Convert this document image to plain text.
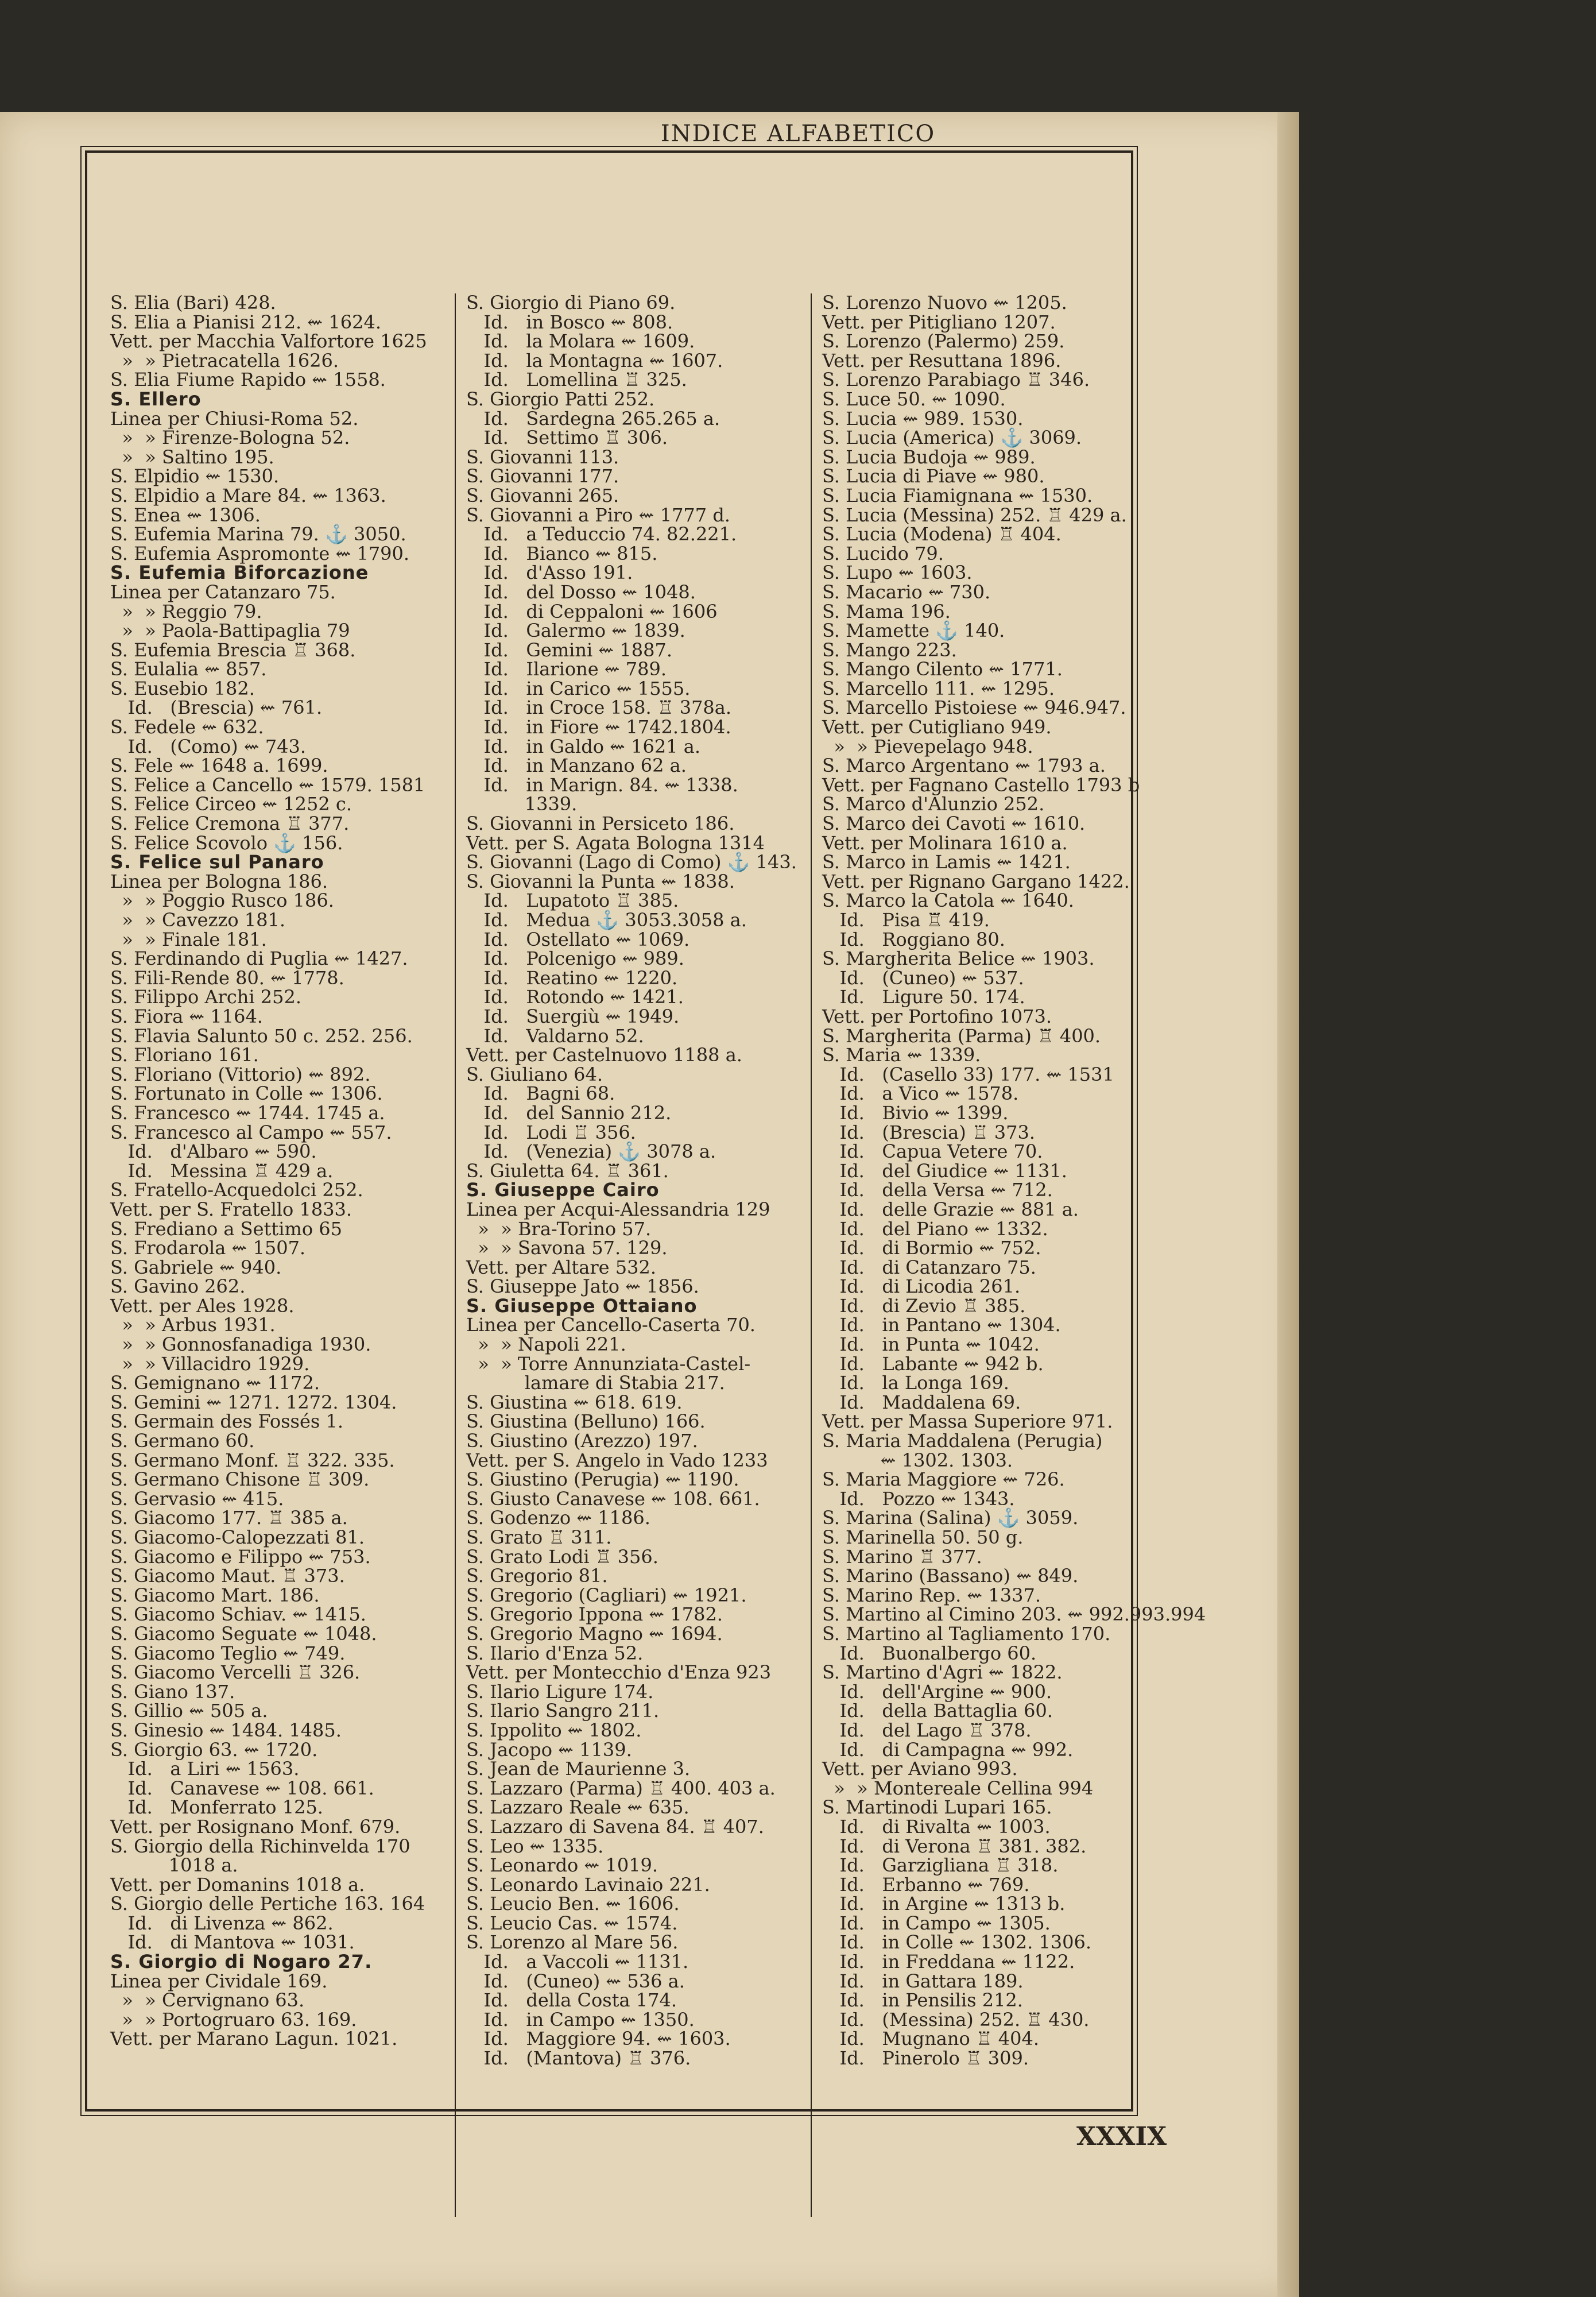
INDICE ALFABETICO
S. Elia (Bari) 428.
S. Elia a Pianisi 212. ⇜ 1624.
Vett. per Macchia Valfortore 1625
»  » Pietracatella 1626.
S. Elia Fiume Rapido ⇜ 1558.
S. Ellero
Linea per Chiusi-Roma 52.
»  » Firenze-Bologna 52.
»  » Saltino 195.
S. Elpidio ⇜ 1530.
S. Elpidio a Mare 84. ⇜ 1363.
S. Enea ⇜ 1306.
S. Eufemia Marina 79. ⚓ 3050.
S. Eufemia Aspromonte ⇜ 1790.
S. Eufemia Biforcazione
Linea per Catanzaro 75.
»  » Reggio 79.
»  » Paola-Battipaglia 79
S. Eufemia Brescia ♖ 368.
S. Eulalia ⇜ 857.
S. Eusebio 182.
Id.   (Brescia) ⇜ 761.
S. Fedele ⇜ 632.
Id.   (Como) ⇜ 743.
S. Fele ⇜ 1648 a. 1699.
S. Felice a Cancello ⇜ 1579. 1581
S. Felice Circeo ⇜ 1252 c.
S. Felice Cremona ♖ 377.
S. Felice Scovolo ⚓ 156.
S. Felice sul Panaro
Linea per Bologna 186.
»  » Poggio Rusco 186.
»  » Cavezzo 181.
»  » Finale 181.
S. Ferdinando di Puglia ⇜ 1427.
S. Fili-Rende 80. ⇜ 1778.
S. Filippo Archi 252.
S. Fiora ⇜ 1164.
S. Flavia Salunto 50 c. 252. 256.
S. Floriano 161.
S. Floriano (Vittorio) ⇜ 892.
S. Fortunato in Colle ⇜ 1306.
S. Francesco ⇜ 1744. 1745 a.
S. Francesco al Campo ⇜ 557.
Id.   d'Albaro ⇜ 590.
Id.   Messina ♖ 429 a.
S. Fratello-Acquedolci 252.
Vett. per S. Fratello 1833.
S. Frediano a Settimo 65
S. Frodarola ⇜ 1507.
S. Gabriele ⇜ 940.
S. Gavino 262.
Vett. per Ales 1928.
»  » Arbus 1931.
»  » Gonnosfanadiga 1930.
»  » Villacidro 1929.
S. Gemignano ⇜ 1172.
S. Gemini ⇜ 1271. 1272. 1304.
S. Germain des Fossés 1.
S. Germano 60.
S. Germano Monf. ♖ 322. 335.
S. Germano Chisone ♖ 309.
S. Gervasio ⇜ 415.
S. Giacomo 177. ♖ 385 a.
S. Giacomo-Calopezzati 81.
S. Giacomo e Filippo ⇜ 753.
S. Giacomo Maut. ♖ 373.
S. Giacomo Mart. 186.
S. Giacomo Schiav. ⇜ 1415.
S. Giacomo Seguate ⇜ 1048.
S. Giacomo Teglio ⇜ 749.
S. Giacomo Vercelli ♖ 326.
S. Giano 137.
S. Gillio ⇜ 505 a.
S. Ginesio ⇜ 1484. 1485.
S. Giorgio 63. ⇜ 1720.
Id.   a Liri ⇜ 1563.
Id.   Canavese ⇜ 108. 661.
Id.   Monferrato 125.
Vett. per Rosignano Monf. 679.
S. Giorgio della Richinvelda 170
1018 a.
Vett. per Domanins 1018 a.
S. Giorgio delle Pertiche 163. 164
Id.   di Livenza ⇜ 862.
Id.   di Mantova ⇜ 1031.
S. Giorgio di Nogaro 27.
Linea per Cividale 169.
»  » Cervignano 63.
»  » Portogruaro 63. 169.
Vett. per Marano Lagun. 1021.
S. Giorgio di Piano 69.
Id.   in Bosco ⇜ 808.
Id.   la Molara ⇜ 1609.
Id.   la Montagna ⇜ 1607.
Id.   Lomellina ♖ 325.
S. Giorgio Patti 252.
Id.   Sardegna 265.265 a.
Id.   Settimo ♖ 306.
S. Giovanni 113.
S. Giovanni 177.
S. Giovanni 265.
S. Giovanni a Piro ⇜ 1777 d.
Id.   a Teduccio 74. 82.221.
Id.   Bianco ⇜ 815.
Id.   d'Asso 191.
Id.   del Dosso ⇜ 1048.
Id.   di Ceppaloni ⇜ 1606
Id.   Galermo ⇜ 1839.
Id.   Gemini ⇜ 1887.
Id.   Ilarione ⇜ 789.
Id.   in Carico ⇜ 1555.
Id.   in Croce 158. ♖ 378a.
Id.   in Fiore ⇜ 1742.1804.
Id.   in Galdo ⇜ 1621 a.
Id.   in Manzano 62 a.
Id.   in Marign. 84. ⇜ 1338.
1339.
S. Giovanni in Persiceto 186.
Vett. per S. Agata Bologna 1314
S. Giovanni (Lago di Como) ⚓ 143.
S. Giovanni la Punta ⇜ 1838.
Id.   Lupatoto ♖ 385.
Id.   Medua ⚓ 3053.3058 a.
Id.   Ostellato ⇜ 1069.
Id.   Polcenigo ⇜ 989.
Id.   Reatino ⇜ 1220.
Id.   Rotondo ⇜ 1421.
Id.   Suergiù ⇜ 1949.
Id.   Valdarno 52.
Vett. per Castelnuovo 1188 a.
S. Giuliano 64.
Id.   Bagni 68.
Id.   del Sannio 212.
Id.   Lodi ♖ 356.
Id.   (Venezia) ⚓ 3078 a.
S. Giuletta 64. ♖ 361.
S. Giuseppe Cairo
Linea per Acqui-Alessandria 129
»  » Bra-Torino 57.
»  » Savona 57. 129.
Vett. per Altare 532.
S. Giuseppe Jato ⇜ 1856.
S. Giuseppe Ottaiano
Linea per Cancello-Caserta 70.
»  » Napoli 221.
»  » Torre Annunziata-Castel-
lamare di Stabia 217.
S. Giustina ⇜ 618. 619.
S. Giustina (Belluno) 166.
S. Giustino (Arezzo) 197.
Vett. per S. Angelo in Vado 1233
S. Giustino (Perugia) ⇜ 1190.
S. Giusto Canavese ⇜ 108. 661.
S. Godenzo ⇜ 1186.
S. Grato ♖ 311.
S. Grato Lodi ♖ 356.
S. Gregorio 81.
S. Gregorio (Cagliari) ⇜ 1921.
S. Gregorio Ippona ⇜ 1782.
S. Gregorio Magno ⇜ 1694.
S. Ilario d'Enza 52.
Vett. per Montecchio d'Enza 923
S. Ilario Ligure 174.
S. Ilario Sangro 211.
S. Ippolito ⇜ 1802.
S. Jacopo ⇜ 1139.
S. Jean de Maurienne 3.
S. Lazzaro (Parma) ♖ 400. 403 a.
S. Lazzaro Reale ⇜ 635.
S. Lazzaro di Savena 84. ♖ 407.
S. Leo ⇜ 1335.
S. Leonardo ⇜ 1019.
S. Leonardo Lavinaio 221.
S. Leucio Ben. ⇜ 1606.
S. Leucio Cas. ⇜ 1574.
S. Lorenzo al Mare 56.
Id.   a Vaccoli ⇜ 1131.
Id.   (Cuneo) ⇜ 536 a.
Id.   della Costa 174.
Id.   in Campo ⇜ 1350.
Id.   Maggiore 94. ⇜ 1603.
Id.   (Mantova) ♖ 376.
S. Lorenzo Nuovo ⇜ 1205.
Vett. per Pitigliano 1207.
S. Lorenzo (Palermo) 259.
Vett. per Resuttana 1896.
S. Lorenzo Parabiago ♖ 346.
S. Luce 50. ⇜ 1090.
S. Lucia ⇜ 989. 1530.
S. Lucia (America) ⚓ 3069.
S. Lucia Budoja ⇜ 989.
S. Lucia di Piave ⇜ 980.
S. Lucia Fiamignana ⇜ 1530.
S. Lucia (Messina) 252. ♖ 429 a.
S. Lucia (Modena) ♖ 404.
S. Lucido 79.
S. Lupo ⇜ 1603.
S. Macario ⇜ 730.
S. Mama 196.
S. Mamette ⚓ 140.
S. Mango 223.
S. Mango Cilento ⇜ 1771.
S. Marcello 111. ⇜ 1295.
S. Marcello Pistoiese ⇜ 946.947.
Vett. per Cutigliano 949.
»  » Pievepelago 948.
S. Marco Argentano ⇜ 1793 a.
Vett. per Fagnano Castello 1793 b
S. Marco d'Alunzio 252.
S. Marco dei Cavoti ⇜ 1610.
Vett. per Molinara 1610 a.
S. Marco in Lamis ⇜ 1421.
Vett. per Rignano Gargano 1422.
S. Marco la Catola ⇜ 1640.
Id.   Pisa ♖ 419.
Id.   Roggiano 80.
S. Margherita Belice ⇜ 1903.
Id.   (Cuneo) ⇜ 537.
Id.   Ligure 50. 174.
Vett. per Portofino 1073.
S. Margherita (Parma) ♖ 400.
S. Maria ⇜ 1339.
Id.   (Casello 33) 177. ⇜ 1531
Id.   a Vico ⇜ 1578.
Id.   Bivio ⇜ 1399.
Id.   (Brescia) ♖ 373.
Id.   Capua Vetere 70.
Id.   del Giudice ⇜ 1131.
Id.   della Versa ⇜ 712.
Id.   delle Grazie ⇜ 881 a.
Id.   del Piano ⇜ 1332.
Id.   di Bormio ⇜ 752.
Id.   di Catanzaro 75.
Id.   di Licodia 261.
Id.   di Zevio ♖ 385.
Id.   in Pantano ⇜ 1304.
Id.   in Punta ⇜ 1042.
Id.   Labante ⇜ 942 b.
Id.   la Longa 169.
Id.   Maddalena 69.
Vett. per Massa Superiore 971.
S. Maria Maddalena (Perugia)
⇜ 1302. 1303.
S. Maria Maggiore ⇜ 726.
Id.   Pozzo ⇜ 1343.
S. Marina (Salina) ⚓ 3059.
S. Marinella 50. 50 g.
S. Marino ♖ 377.
S. Marino (Bassano) ⇜ 849.
S. Marino Rep. ⇜ 1337.
S. Martino al Cimino 203. ⇜ 992.993.994
S. Martino al Tagliamento 170.
Id.   Buonalbergo 60.
S. Martino d'Agri ⇜ 1822.
Id.   dell'Argine ⇜ 900.
Id.   della Battaglia 60.
Id.   del Lago ♖ 378.
Id.   di Campagna ⇜ 992.
Vett. per Aviano 993.
»  » Montereale Cellina 994
S. Martinodi Lupari 165.
Id.   di Rivalta ⇜ 1003.
Id.   di Verona ♖ 381. 382.
Id.   Garzigliana ♖ 318.
Id.   Erbanno ⇜ 769.
Id.   in Argine ⇜ 1313 b.
Id.   in Campo ⇜ 1305.
Id.   in Colle ⇜ 1302. 1306.
Id.   in Freddana ⇜ 1122.
Id.   in Gattara 189.
Id.   in Pensilis 212.
Id.   (Messina) 252. ♖ 430.
Id.   Mugnano ♖ 404.
Id.   Pinerolo ♖ 309.
XXXIX
